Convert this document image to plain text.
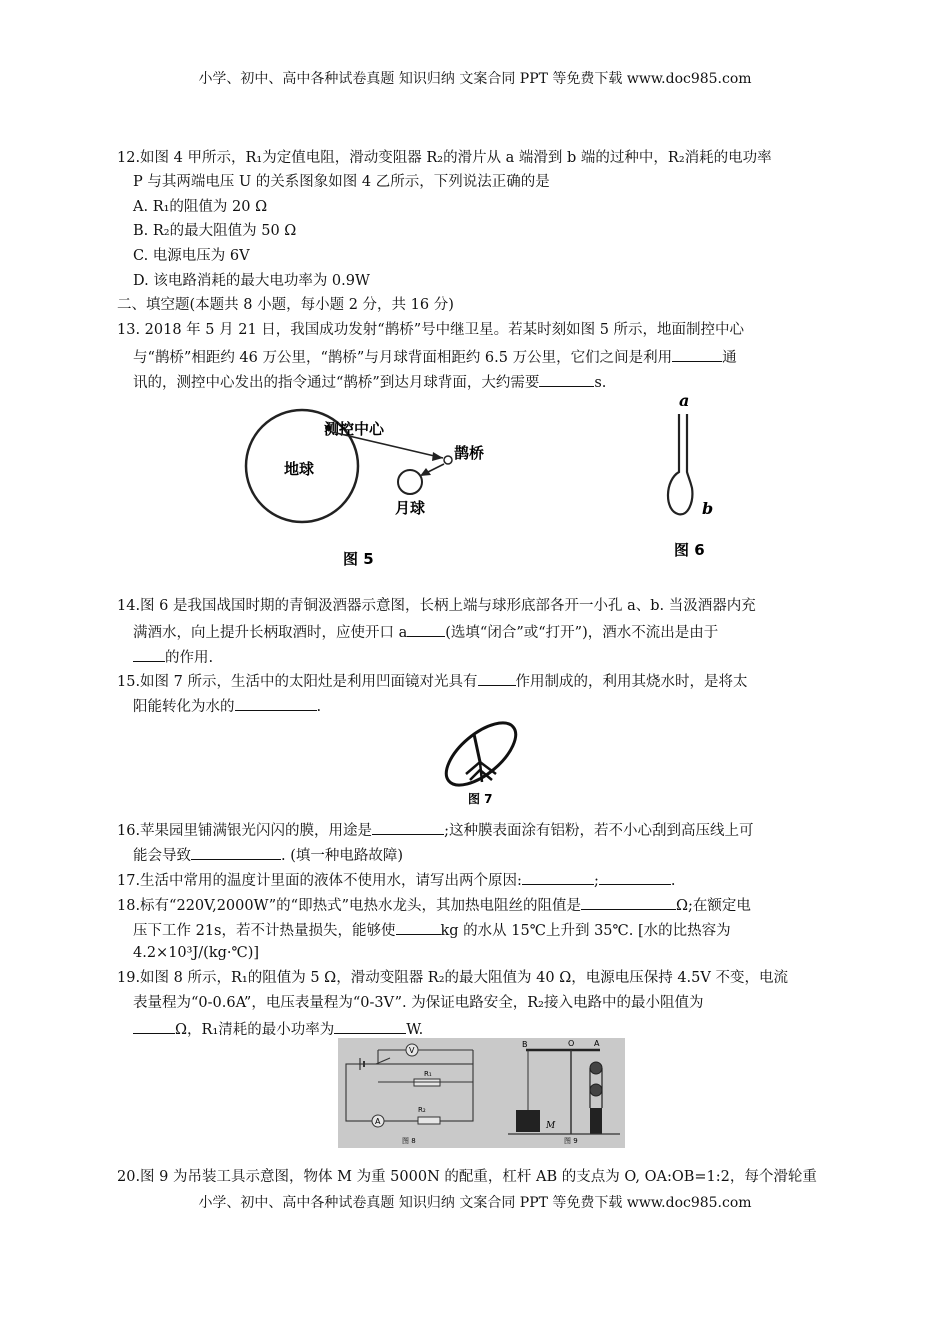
小学、初中、高中各种试卷真题 知识归纳 文案合同 PPT 等免费下载 www.doc985.com
12.如图 4 甲所示，R₁为定值电阻，滑动变阻器 R₂的滑片从 a 端滑到 b 端的过种中，R₂消耗的电功率
P 与其两端电压 U 的关系图象如图 4 乙所示，下列说法正确的是
A. R₁的阻值为 20 Ω
B. R₂的最大阻值为 50 Ω
C. 电源电压为 6V
D. 该电路消耗的最大电功率为 0.9W
二、填空题(本题共 8 小题，每小题 2 分，共 16 分)
13. 2018 年 5 月 21 日，我国成功发射“鹊桥”号中继卫星。若某时刻如图 5 所示，地面制控中心
与“鹊桥”相距约 46 万公里，“鹊桥”与月球背面相距约 6.5 万公里，它们之间是利用	通
讯的，测控中心发出的指令通过“鹊桥”到达月球背面，大约需要	s.
地球
测控中心
鹊桥
月球
图 5
a
b
图 6
14.图 6 是我国战国时期的青铜汲酒器示意图，长柄上端与球形底部各开一小孔 a、b. 当汲酒器内充
满酒水，向上提升长柄取酒时，应使开口 a	(选填“闭合”或“打开”)，酒水不流出是由于
的作用.
15.如图 7 所示，生活中的太阳灶是利用凹面镜对光具有	作用制成的，利用其烧水时，是将太
阳能转化为水的	.
图 7
16.苹果园里铺满银光闪闪的膜，用途是	;这种膜表面涂有铝粉，若不小心刮到高压线上可
能会导致	. (填一种电路故障)
17.生活中常用的温度计里面的液体不使用水，请写出两个原因:	;	.
18.标有“220V,2000W”的“即热式”电热水龙头，其加热电阻丝的阻值是	Ω;在额定电
压下工作 21s，若不计热量损失，能够使	kg 的水从 15℃上升到 35℃. [水的比热容为
4.2×10³J/(kg·℃)]
19.如图 8 所示，R₁的阻值为 5 Ω，滑动变阻器 R₂的最大阻值为 40 Ω，电源电压保持 4.5V 不变，电流
表量程为“0-0.6A”，电压表量程为“0-3V”. 为保证电路安全，R₂接入电路中的最小阻值为
Ω，R₁清耗的最小功率为	W.
V
R₁
A
R₂
图 8
B	O A
M
图 9
20.图 9 为吊装工具示意图，物体 M 为重 5000N 的配重，杠杆 AB 的支点为 O, OA:OB=1:2，每个滑轮重
小学、初中、高中各种试卷真题 知识归纳 文案合同 PPT 等免费下载 www.doc985.com
